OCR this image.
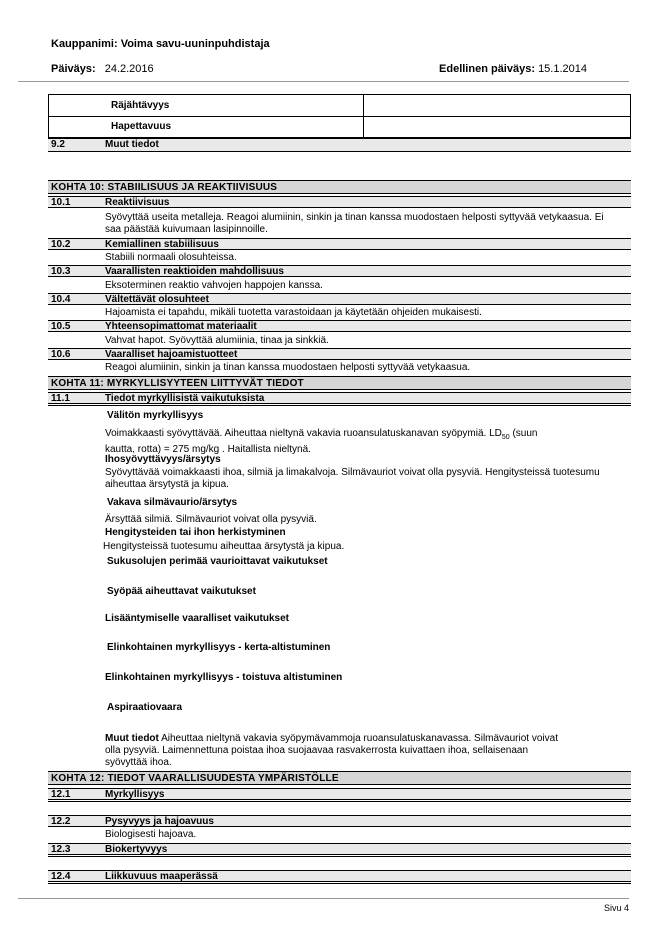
Kauppanimi: Voima savu-uuninpuhdistaja
Päiväys: 24.2.2016	Edellinen päiväys: 15.1.2014
Räjähtävyys
Hapettavuus
9.2	Muut tiedot
KOHTA 10: STABIILISUUS JA REAKTIIVISUUS
10.1	Reaktiivisuus
Syövyttää useita metalleja. Reagoi alumiinin, sinkin ja tinan kanssa muodostaen helposti syttyvää vetykaasua. Ei saa päästää kuivumaan lasipinnoille.
10.2	Kemiallinen stabiilisuus
Stabiili normaali olosuhteissa.
10.3	Vaarallisten reaktioiden mahdollisuus
Eksoterminen reaktio vahvojen happojen kanssa.
10.4	Vältettävät olosuhteet
Hajoamista ei tapahdu, mikäli tuotetta varastoidaan ja käytetään ohjeiden mukaisesti.
10.5	Yhteensopimattomat materiaalit
Vahvat hapot. Syövyttää alumiinia, tinaa ja sinkkiä.
10.6	Vaaralliset hajoamistuotteet
Reagoi alumiinin, sinkin ja tinan kanssa muodostaen helposti syttyvää vetykaasua.
KOHTA 11: MYRKYLLISYYTEEN LIITTYVÄT TIEDOT
11.1	Tiedot myrkyllisistä vaikutuksista
Välitön myrkyllisyys
Voimakkaasti syövyttävää. Aiheuttaa nieltynä vakavia ruoansulatuskanavan syöpymiä. $LD_{50}$ (suun
kautta, rotta) = 275 mg/kg . Haitallista nieltynä.
Ihosyövyttävyys/ärsytys
Syövyttävää voimakkaasti ihoa, silmiä ja limakalvoja. Silmävauriot voivat olla pysyviä. Hengitysteissä tuotesumu aiheuttaa ärsytystä ja kipua.
Vakava silmävaurio/ärsytys
Ärsyttää silmiä. Silmävauriot voivat olla pysyviä.
Hengitysteiden tai ihon herkistyminen
Hengitysteissä tuotesumu aiheuttaa ärsytystä ja kipua.
Sukusolujen perimää vaurioittavat vaikutukset
Syöpää aiheuttavat vaikutukset
Lisääntymiselle vaaralliset vaikutukset
Elinkohtainen myrkyllisyys - kerta-altistuminen
Elinkohtainen myrkyllisyys - toistuva altistuminen
Aspiraatiovaara
Muut tiedot Aiheuttaa nieltynä vakavia syöpymävammoja ruoansulatuskanavassa. Silmävauriot voivat
olla pysyviä. Laimennettuna poistaa ihoa suojaavaa rasvakerrosta kuivattaen ihoa, sellaisenaan
syövyttää ihoa.
KOHTA 12: TIEDOT VAARALLISUUDESTA YMPÄRISTÖLLE
12.1	Myrkyllisyys
12.2	Pysyvyys ja hajoavuus
Biologisesti hajoava.
12.3	Biokertyvyys
12.4	Liikkuvuus maaperässä
Sivu 4
